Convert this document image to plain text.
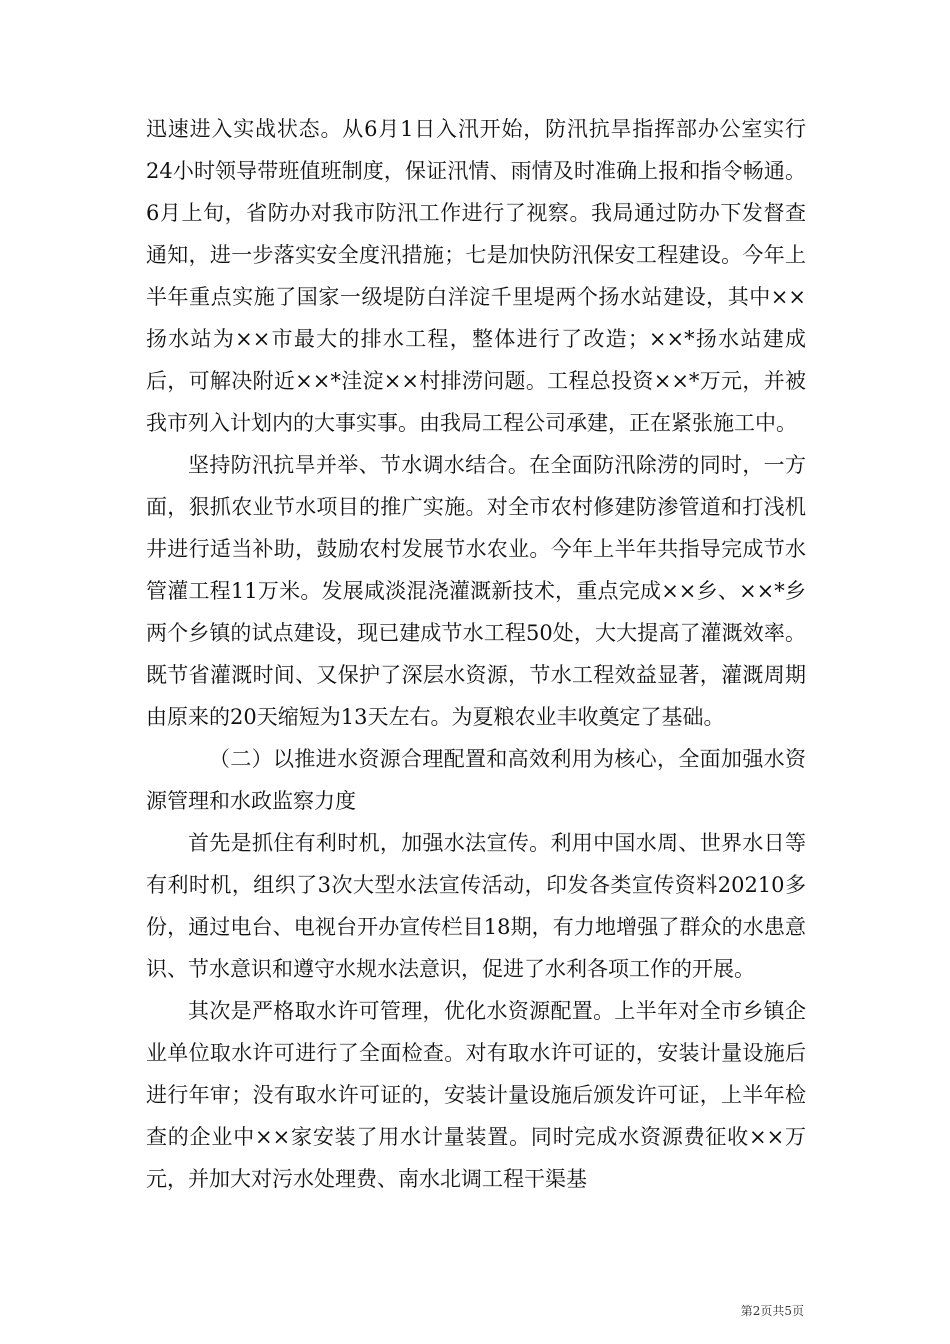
迅速进入实战状态。从6月1日入汛开始，防汛抗旱指挥部办公室实行24小时领导带班值班制度，保证汛情、雨情及时准确上报和指令畅通。6月上旬，省防办对我市防汛工作进行了视察。我局通过防办下发督查通知，进一步落实安全度汛措施；七是加快防汛保安工程建设。今年上半年重点实施了国家一级堤防白洋淀千里堤两个扬水站建设，其中××扬水站为××市最大的排水工程，整体进行了改造；××*扬水站建成后，可解决附近××*洼淀××村排涝问题。工程总投资××*万元，并被我市列入计划内的大事实事。由我局工程公司承建，正在紧张施工中。

坚持防汛抗旱并举、节水调水结合。在全面防汛除涝的同时，一方面，狠抓农业节水项目的推广实施。对全市农村修建防渗管道和打浅机井进行适当补助，鼓励农村发展节水农业。今年上半年共指导完成节水管灌工程11万米。发展咸淡混浇灌溉新技术，重点完成××乡、××*乡两个乡镇的试点建设，现已建成节水工程50处，大大提高了灌溉效率。既节省灌溉时间、又保护了深层水资源，节水工程效益显著，灌溉周期由原来的20天缩短为13天左右。为夏粮农业丰收奠定了基础。

（二）以推进水资源合理配置和高效利用为核心，全面加强水资源管理和水政监察力度

首先是抓住有利时机，加强水法宣传。利用中国水周、世界水日等有利时机，组织了3次大型水法宣传活动，印发各类宣传资料20210多份，通过电台、电视台开办宣传栏目18期，有力地增强了群众的水患意识、节水意识和遵守水规水法意识，促进了水利各项工作的开展。

其次是严格取水许可管理，优化水资源配置。上半年对全市乡镇企业单位取水许可进行了全面检查。对有取水许可证的，安装计量设施后进行年审；没有取水许可证的，安装计量设施后颁发许可证，上半年检查的企业中××家安装了用水计量装置。同时完成水资源费征收××万元，并加大对污水处理费、南水北调工程干渠基

第2页共5页
